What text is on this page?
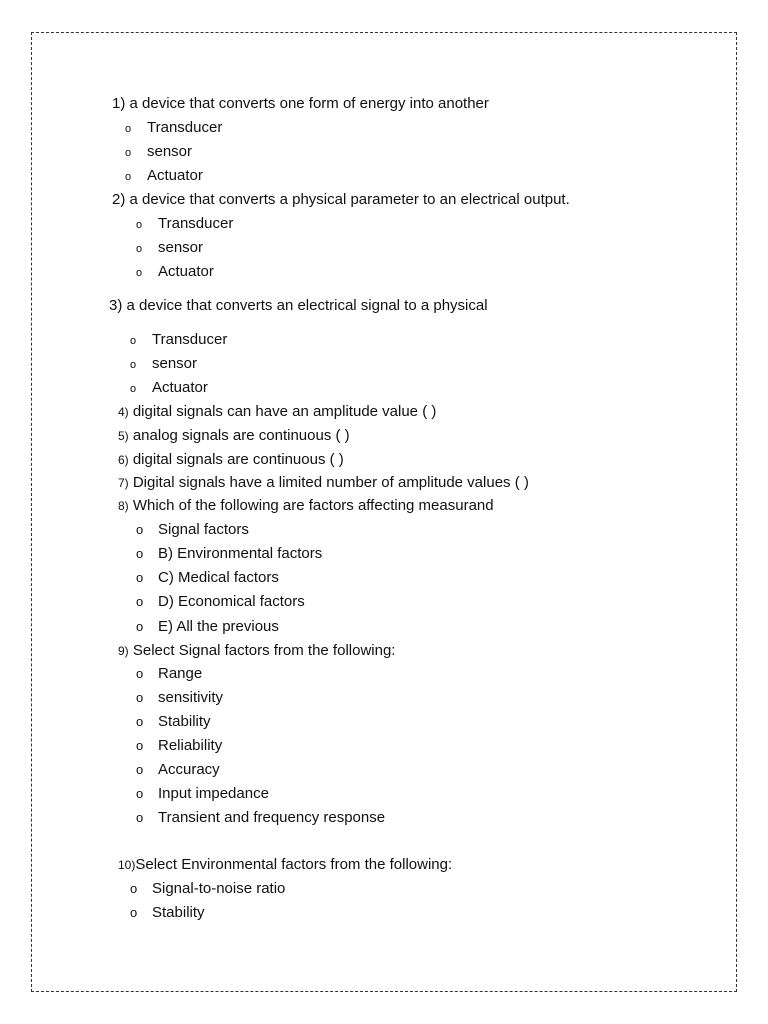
1) a device that converts one form of energy into another
o Transducer
o sensor
o Actuator
2) a device that converts a physical parameter to an electrical output.
o Transducer
o sensor
o Actuator
3) a device that converts an electrical signal to a physical
o Transducer
o sensor
o Actuator
4) digital signals can have an amplitude value ( )
5) analog signals are continuous ( )
6) digital signals are continuous ( )
7) Digital signals have a limited number of amplitude values ( )
8) Which of the following are factors affecting measurand
o Signal factors
o B) Environmental factors
o C) Medical factors
o D) Economical factors
o E) All the previous
9) Select Signal factors from the following:
o Range
o sensitivity
o Stability
o Reliability
o Accuracy
o Input impedance
o Transient and frequency response
10)Select Environmental factors from the following:
o Signal-to-noise ratio
o Stability
